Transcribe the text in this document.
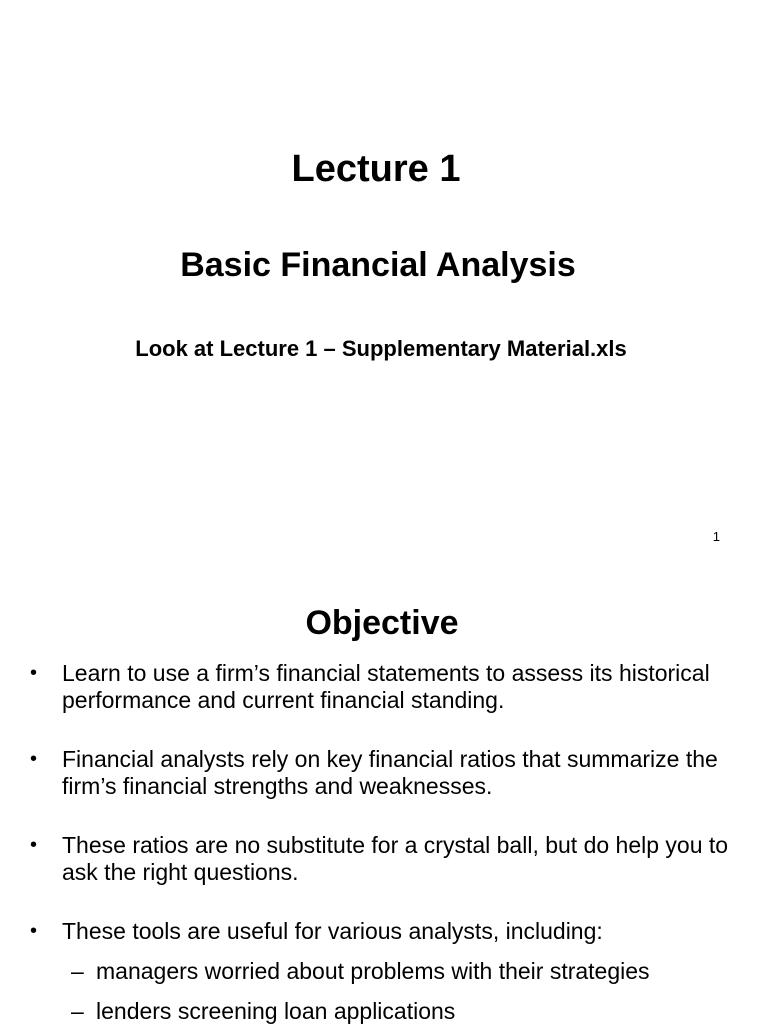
Lecture 1
Basic Financial Analysis
Look at Lecture 1 – Supplementary Material.xls
1
Objective
• Learn to use a firm’s financial statements to assess its historical performance and current financial standing.
• Financial analysts rely on key financial ratios that summarize the firm’s financial strengths and weaknesses.
• These ratios are no substitute for a crystal ball, but do help you to ask the right questions.
• These tools are useful for various analysts, including:
– managers worried about problems with their strategies
– lenders screening loan applications
